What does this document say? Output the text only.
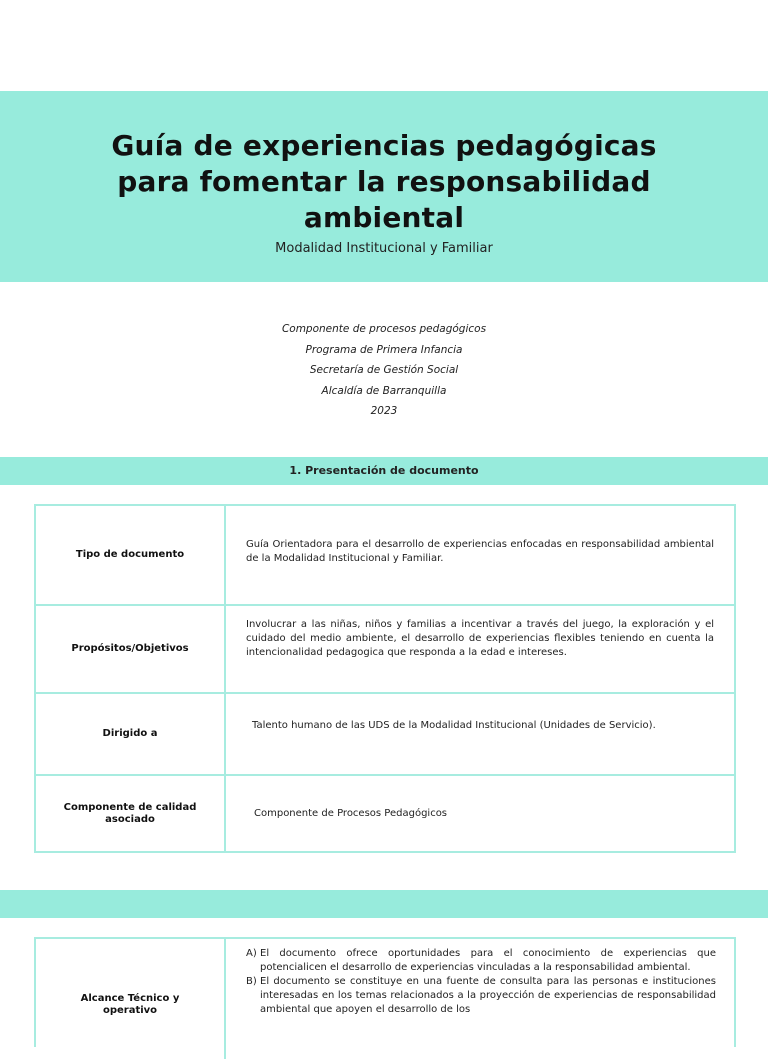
Guía de experiencias pedagógicas
para fomentar la responsabilidad
ambiental
Modalidad Institucional y Familiar
Componente de procesos pedagógicos
Programa de Primera Infancia
Secretaría de Gestión Social
Alcaldía de Barranquilla
2023
1. Presentación de documento
Tipo de documento
Guía Orientadora para el desarrollo de experiencias enfocadas en responsabilidad ambiental de la Modalidad Institucional y Familiar.
Propósitos/Objetivos
Involucrar a las niñas, niños y familias a incentivar a través del juego, la exploración y el cuidado del medio ambiente, el desarrollo de experiencias flexibles teniendo en cuenta la intencionalidad pedagogica que responda a la edad e intereses.
Dirigido a
Talento humano de las UDS de la Modalidad Institucional (Unidades de Servicio).
Componente de calidad asociado
Componente de Procesos Pedagógicos
Alcance Técnico y operativo
A) El documento ofrece oportunidades para el conocimiento de experiencias que potencialicen el desarrollo de experiencias vinculadas a la responsabilidad ambiental.
B) El documento se constituye en una fuente de consulta para las personas e instituciones interesadas en los temas relacionados a la proyección de experiencias de responsabilidad ambiental que apoyen el desarrollo de los
